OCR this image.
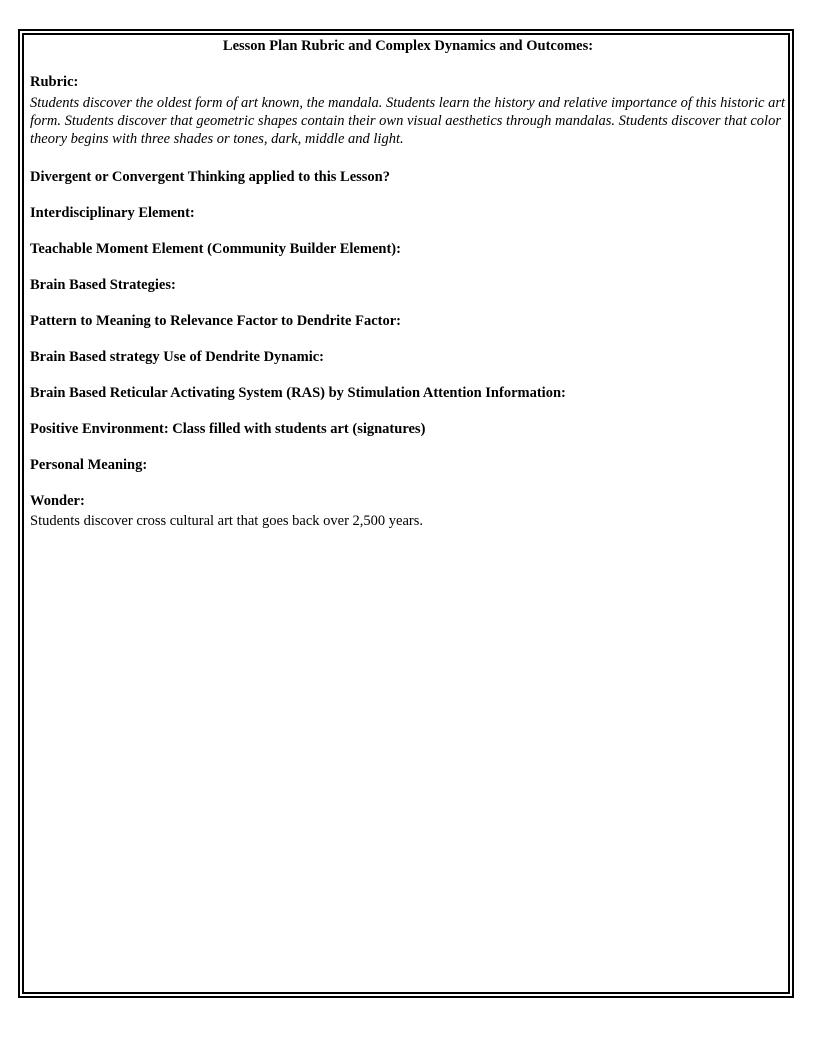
Lesson Plan Rubric and Complex Dynamics and Outcomes:

Rubric:

Students discover the oldest form of art known, the mandala. Students learn the history and relative importance of this historic art form. Students discover that geometric shapes contain their own visual aesthetics through mandalas. Students discover that color theory begins with three shades or tones, dark, middle and light.

Divergent or Convergent Thinking applied to this Lesson?

Interdisciplinary Element:

Teachable Moment Element (Community Builder Element):

Brain Based Strategies:

Pattern to Meaning to Relevance Factor to Dendrite Factor:

Brain Based strategy Use of Dendrite Dynamic:

Brain Based Reticular Activating System (RAS) by Stimulation Attention Information:

Positive Environment: Class filled with students art (signatures)

Personal Meaning:

Wonder:

Students discover cross cultural art that goes back over 2,500 years.
